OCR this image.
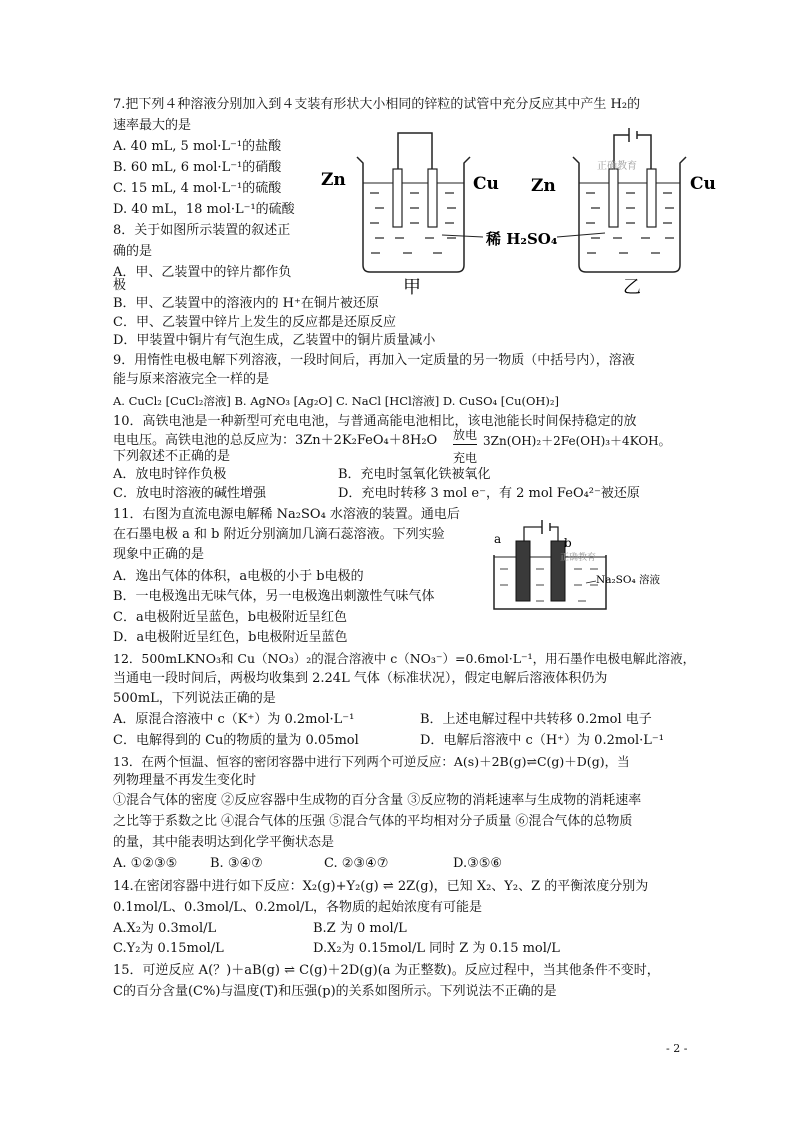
7.把下列４种溶液分别加入到４支装有形状大小相同的锌粒的试管中充分反应其中产生 H₂的
速率最大的是
A. 40 mL, 5 mol·L⁻¹的盐酸
B. 60 mL, 6 mol·L⁻¹的硝酸
C. 15 mL, 4 mol·L⁻¹的硫酸
D. 40 mL，18 mol·L⁻¹的硫酸
8．关于如图所示装置的叙述正
确的是
A．甲、乙装置中的锌片都作负
极
B．甲、乙装置中的溶液内的 H⁺在铜片被还原
C．甲、乙装置中锌片上发生的反应都是还原反应
D．甲装置中铜片有气泡生成，乙装置中的铜片质量减小
Zn	Cu
甲
正确教育
Zn	Cu
乙
稀 H₂SO₄
9．用惰性电极电解下列溶液，一段时间后，再加入一定质量的另一物质（中括号内），溶液
能与原来溶液完全一样的是
A. CuCl₂ [CuCl₂溶液] B. AgNO₃ [Ag₂O] C. NaCl [HCl溶液] D. CuSO₄ [Cu(OH)₂]
10．高铁电池是一种新型可充电电池，与普通高能电池相比，该电池能长时间保持稳定的放
电电压。高铁电池的总反应为：3Zn＋2K₂FeO₄＋8H₂O 放电 3Zn(OH)₂＋2Fe(OH)₃＋4KOH。
下列叙述不正确的是	充电
A．放电时锌作负极	B．充电时氢氧化铁被氧化
C．放电时溶液的碱性增强	D．充电时转移 3 mol e⁻，有 2 mol FeO₄²⁻被还原
11．右图为直流电源电解稀 Na₂SO₄ 水溶液的装置。通电后
在石墨电极 a 和 b 附近分别滴加几滴石蕊溶液。下列实验
现象中正确的是
A．逸出气体的体积，a电极的小于 b电极的
B．一电极逸出无味气体，另一电极逸出刺激性气味气体
C．a电极附近呈蓝色，b电极附近呈红色
D．a电极附近呈红色，b电极附近呈蓝色
a	b
正确教育
Na₂SO₄ 溶液
12．500mLKNO₃和 Cu（NO₃）₂的混合溶液中 c（NO₃⁻）=0.6mol·L⁻¹，用石墨作电极电解此溶液，
当通电一段时间后，两极均收集到 2.24L 气体（标准状况），假定电解后溶液体积仍为
500mL，下列说法正确的是
A．原混合溶液中 c（K⁺）为 0.2mol·L⁻¹	B．上述电解过程中共转移 0.2mol 电子
C．电解得到的 Cu的物质的量为 0.05mol	D．电解后溶液中 c（H⁺）为 0.2mol·L⁻¹
13．在两个恒温、恒容的密闭容器中进行下列两个可逆反应：A(s)＋2B(g)⇌C(g)＋D(g)，当
列物理量不再发生变化时
①混合气体的密度 ②反应容器中生成物的百分含量 ③反应物的消耗速率与生成物的消耗速率
之比等于系数之比 ④混合气体的压强 ⑤混合气体的平均相对分子质量 ⑥混合气体的总物质
的量，其中能表明达到化学平衡状态是
A. ①②③⑤	B. ③④⑦	C. ②③④⑦	D.③⑤⑥
14.在密闭容器中进行如下反应：X₂(g)+Y₂(g) ⇌ 2Z(g)，已知 X₂、Y₂、Z 的平衡浓度分别为
0.1mol/L、0.3mol/L、0.2mol/L，各物质的起始浓度有可能是
A.X₂为 0.3mol/L	B.Z 为 0 mol/L
C.Y₂为 0.15mol/L	D.X₂为 0.15mol/L 同时 Z 为 0.15 mol/L
15．可逆反应 A(？)＋aB(g) ⇌ C(g)＋2D(g)(a 为正整数)。反应过程中，当其他条件不变时，
C的百分含量(C%)与温度(T)和压强(p)的关系如图所示。下列说法不正确的是
- 2 -
